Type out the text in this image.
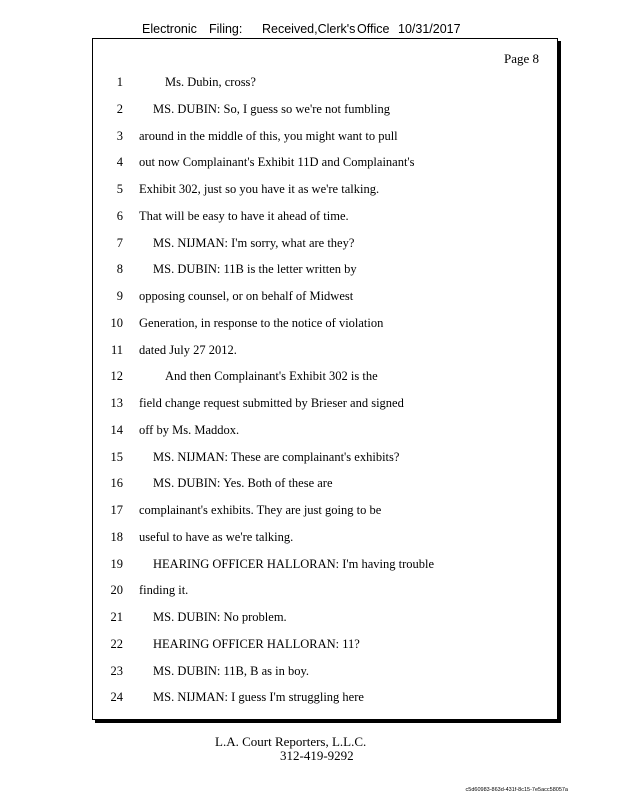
Electronic Filing: Received,Clerk's Office 10/31/2017
Page 8
1	Ms. Dubin, cross?
2 MS. DUBIN: So, I guess so we're not fumbling
3 around in the middle of this, you might want to pull
4 out now Complainant's Exhibit 11D and Complainant's
5 Exhibit 302, just so you have it as we're talking.
6 That will be easy to have it ahead of time.
7 MS. NIJMAN: I'm sorry, what are they?
8 MS. DUBIN: 11B is the letter written by
9 opposing counsel, or on behalf of Midwest
10 Generation, in response to the notice of violation
11 dated July 27 2012.
12	And then Complainant's Exhibit 302 is the
13 field change request submitted by Brieser and signed
14 off by Ms. Maddox.
15 MS. NIJMAN: These are complainant's exhibits?
16 MS. DUBIN: Yes. Both of these are
17 complainant's exhibits. They are just going to be
18 useful to have as we're talking.
19 HEARING OFFICER HALLORAN: I'm having trouble
20 finding it.
21 MS. DUBIN: No problem.
22 HEARING OFFICER HALLORAN: 11?
23 MS. DUBIN: 11B, B as in boy.
24 MS. NIJMAN: I guess I'm struggling here
L.A. Court Reporters, L.L.C.
312-419-9292
c5d60983-863d-431f-8c15-7e5acc58057a
